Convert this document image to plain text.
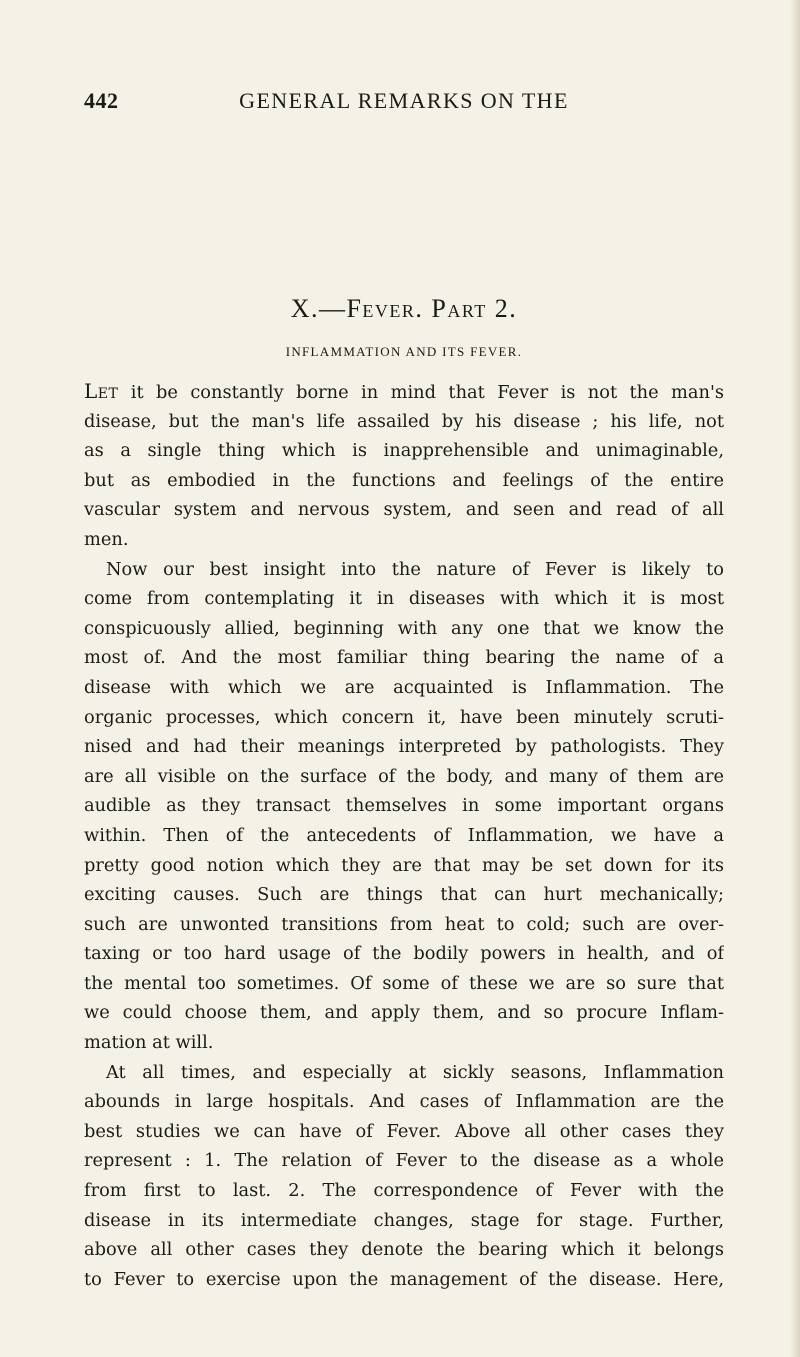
442	GENERAL REMARKS ON THE
X.—Fever. Part 2.
INFLAMMATION AND ITS FEVER.
Let it be constantly borne in mind that Fever is not the man's
disease, but the man's life assailed by his disease ; his life, not
as a single thing which is inapprehensible and unimaginable,
but as embodied in the functions and feelings of the entire
vascular system and nervous system, and seen and read of all
men.
Now our best insight into the nature of Fever is likely to
come from contemplating it in diseases with which it is most
conspicuously allied, beginning with any one that we know the
most of. And the most familiar thing bearing the name of a
disease with which we are acquainted is Inflammation. The
organic processes, which concern it, have been minutely scruti-
nised and had their meanings interpreted by pathologists. They
are all visible on the surface of the body, and many of them are
audible as they transact themselves in some important organs
within. Then of the antecedents of Inflammation, we have a
pretty good notion which they are that may be set down for its
exciting causes. Such are things that can hurt mechanically;
such are unwonted transitions from heat to cold; such are over-
taxing or too hard usage of the bodily powers in health, and of
the mental too sometimes. Of some of these we are so sure that
we could choose them, and apply them, and so procure Inflam-
mation at will.
At all times, and especially at sickly seasons, Inflammation
abounds in large hospitals. And cases of Inflammation are the
best studies we can have of Fever. Above all other cases they
represent : 1. The relation of Fever to the disease as a whole
from first to last. 2. The correspondence of Fever with the
disease in its intermediate changes, stage for stage. Further,
above all other cases they denote the bearing which it belongs
to Fever to exercise upon the management of the disease. Here,
